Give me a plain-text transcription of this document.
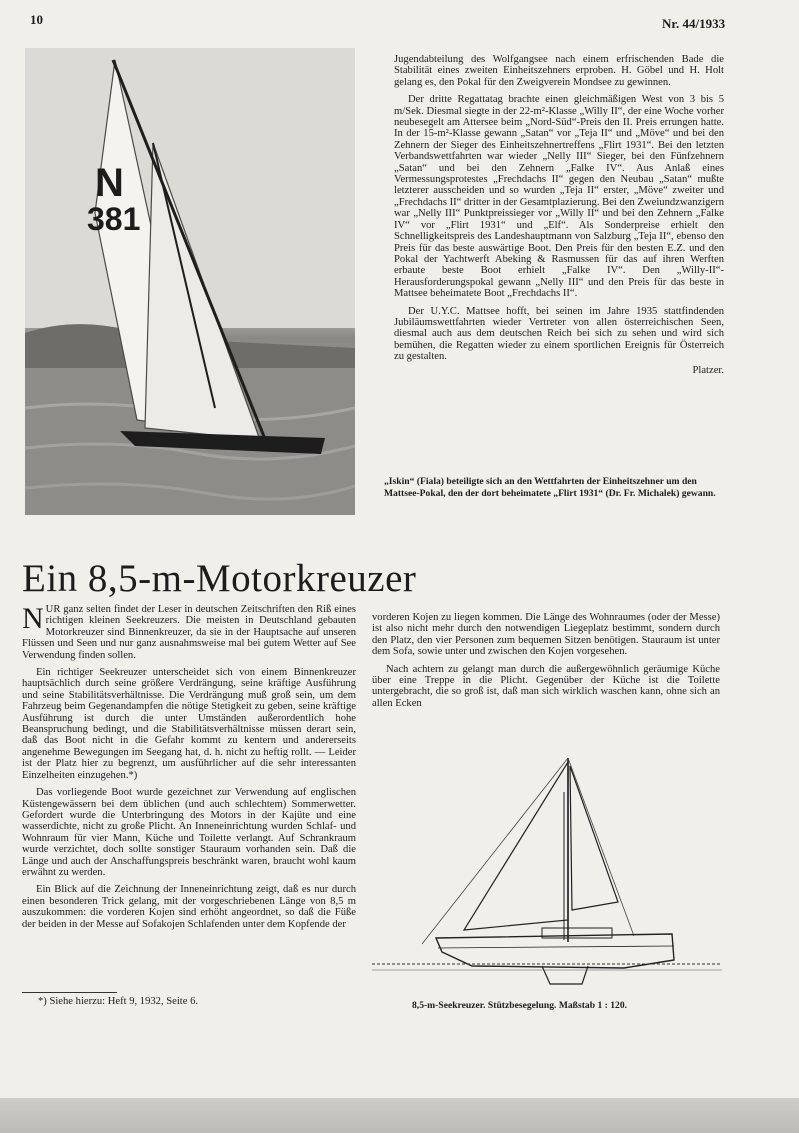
10	Nr. 44/1933
N
381

Jugendabteilung des Wolfgangsee nach einem erfrischenden Bade die Stabilität eines zweiten Einheitszehners erproben. H. Göbel und H. Holt gelang es, den Pokal für den Zweigverein Mondsee zu gewinnen.

Der dritte Regattatag brachte einen gleichmäßigen West von 3 bis 5 m/Sek. Diesmal siegte in der 22-m²-Klasse „Willy II“, der eine Woche vorher neubesegelt am Attersee beim „Nord-Süd“-Preis den II. Preis errungen hatte. In der 15-m²-Klasse gewann „Satan“ vor „Teja II“ und „Möve“ und bei den Zehnern der Sieger des Einheitszehnertreffens „Flirt 1931“. Bei den letzten Verbandswettfahrten war wieder „Nelly III“ Sieger, bei den Fünfzehnern „Satan“ und bei den Zehnern „Falke IV“. Aus Anlaß eines Vermessungsprotestes „Frechdachs II“ gegen den Neubau „Satan“ mußte letzterer ausscheiden und so wurden „Teja II“ erster, „Möve“ zweiter und „Frechdachs II“ dritter in der Gesamtplazierung. Bei den Zweiundzwanzigern war „Nelly III“ Punktpreissieger vor „Willy II“ und bei den Zehnern „Falke IV“ vor „Flirt 1931“ und „Elf“. Als Sonderpreise erhielt den Schnelligkeitspreis des Landeshauptmann von Salzburg „Teja II“, ebenso den Preis für das beste auswärtige Boot. Den Preis für den besten E.Z. und den Pokal der Yachtwerft Abeking & Rasmussen für das auf ihren Werften erbaute beste Boot erhielt „Falke IV“. Den „Willy-II“-Herausforderungspokal gewann „Nelly III“ und den Preis für das beste in Mattsee beheimatete Boot „Frechdachs II“.

Der U.Y.C. Mattsee hofft, bei seinen im Jahre 1935 stattfindenden Jubiläumswettfahrten wieder Vertreter von allen österreichischen Seen, diesmal auch aus dem deutschen Reich bei sich zu sehen und wird sich bemühen, die Regatten wieder zu einem sportlichen Ereignis für Österreich zu gestalten.

Platzer.
„Iskin“ (Fiala) beteiligte sich an den Wettfahrten der Einheitszehner um den Mattsee-Pokal, den der dort beheimatete „Flirt 1931“ (Dr. Fr. Michalek) gewann.
Ein 8,5-m-Motorkreuzer

NUR ganz selten findet der Leser in deutschen Zeitschriften den Riß eines richtigen kleinen Seekreuzers. Die meisten in Deutschland gebauten Motorkreuzer sind Binnenkreuzer, da sie in der Hauptsache auf unseren Flüssen und Seen und nur ganz ausnahmsweise mal bei gutem Wetter auf See Verwendung finden sollen.

Ein richtiger Seekreuzer unterscheidet sich von einem Binnenkreuzer hauptsächlich durch seine größere Verdrängung, seine kräftige Ausführung und seine Stabilitätsverhältnisse. Die Verdrängung muß groß sein, um dem Fahrzeug beim Gegenandampfen die nötige Stetigkeit zu geben, seine kräftige Ausführung ist durch die unter Umständen außerordentlich hohe Beanspruchung bedingt, und die Stabilitätsverhältnisse müssen derart sein, daß das Boot nicht in die Gefahr kommt zu kentern und andererseits angenehme Bewegungen im Seegang hat, d. h. nicht zu heftig rollt. — Leider ist der Platz hier zu begrenzt, um ausführlicher auf die sehr interessanten Einzelheiten einzugehen.*)

Das vorliegende Boot wurde gezeichnet zur Verwendung auf englischen Küstengewässern bei dem üblichen (und auch schlechtem) Sommerwetter. Gefordert wurde die Unterbringung des Motors in der Kajüte und eine wasserdichte, nicht zu große Plicht. An Inneneinrichtung wurden Schlaf- und Wohnraum für vier Mann, Küche und Toilette verlangt. Auf Schrankraum wurde verzichtet, doch sollte sonstiger Stauraum vorhanden sein. Daß die Länge und auch der Anschaffungspreis beschränkt waren, braucht wohl kaum erwähnt zu werden.

Ein Blick auf die Zeichnung der Inneneinrichtung zeigt, daß es nur durch einen besonderen Trick gelang, mit der vorgeschriebenen Länge von 8,5 m auszukommen: die vorderen Kojen sind erhöht angeordnet, so daß die Füße der beiden in der Messe auf Sofakojen Schlafenden unter dem Kopfende der

*) Siehe hierzu: Heft 9, 1932, Seite 6.

vorderen Kojen zu liegen kommen. Die Länge des Wohnraumes (oder der Messe) ist also nicht mehr durch den notwendigen Liegeplatz bestimmt, sondern durch den Platz, den vier Personen zum bequemen Sitzen benötigen. Stauraum ist unter dem Sofa, sowie unter und zwischen den Kojen vorgesehen.

Nach achtern zu gelangt man durch die außergewöhnlich geräumige Küche über eine Treppe in die Plicht. Gegenüber der Küche ist die Toilette untergebracht, die so groß ist, daß man sich wirklich waschen kann, ohne sich an allen Ecken

8,5-m-Seekreuzer. Stützbesegelung. Maßstab 1 : 120.
